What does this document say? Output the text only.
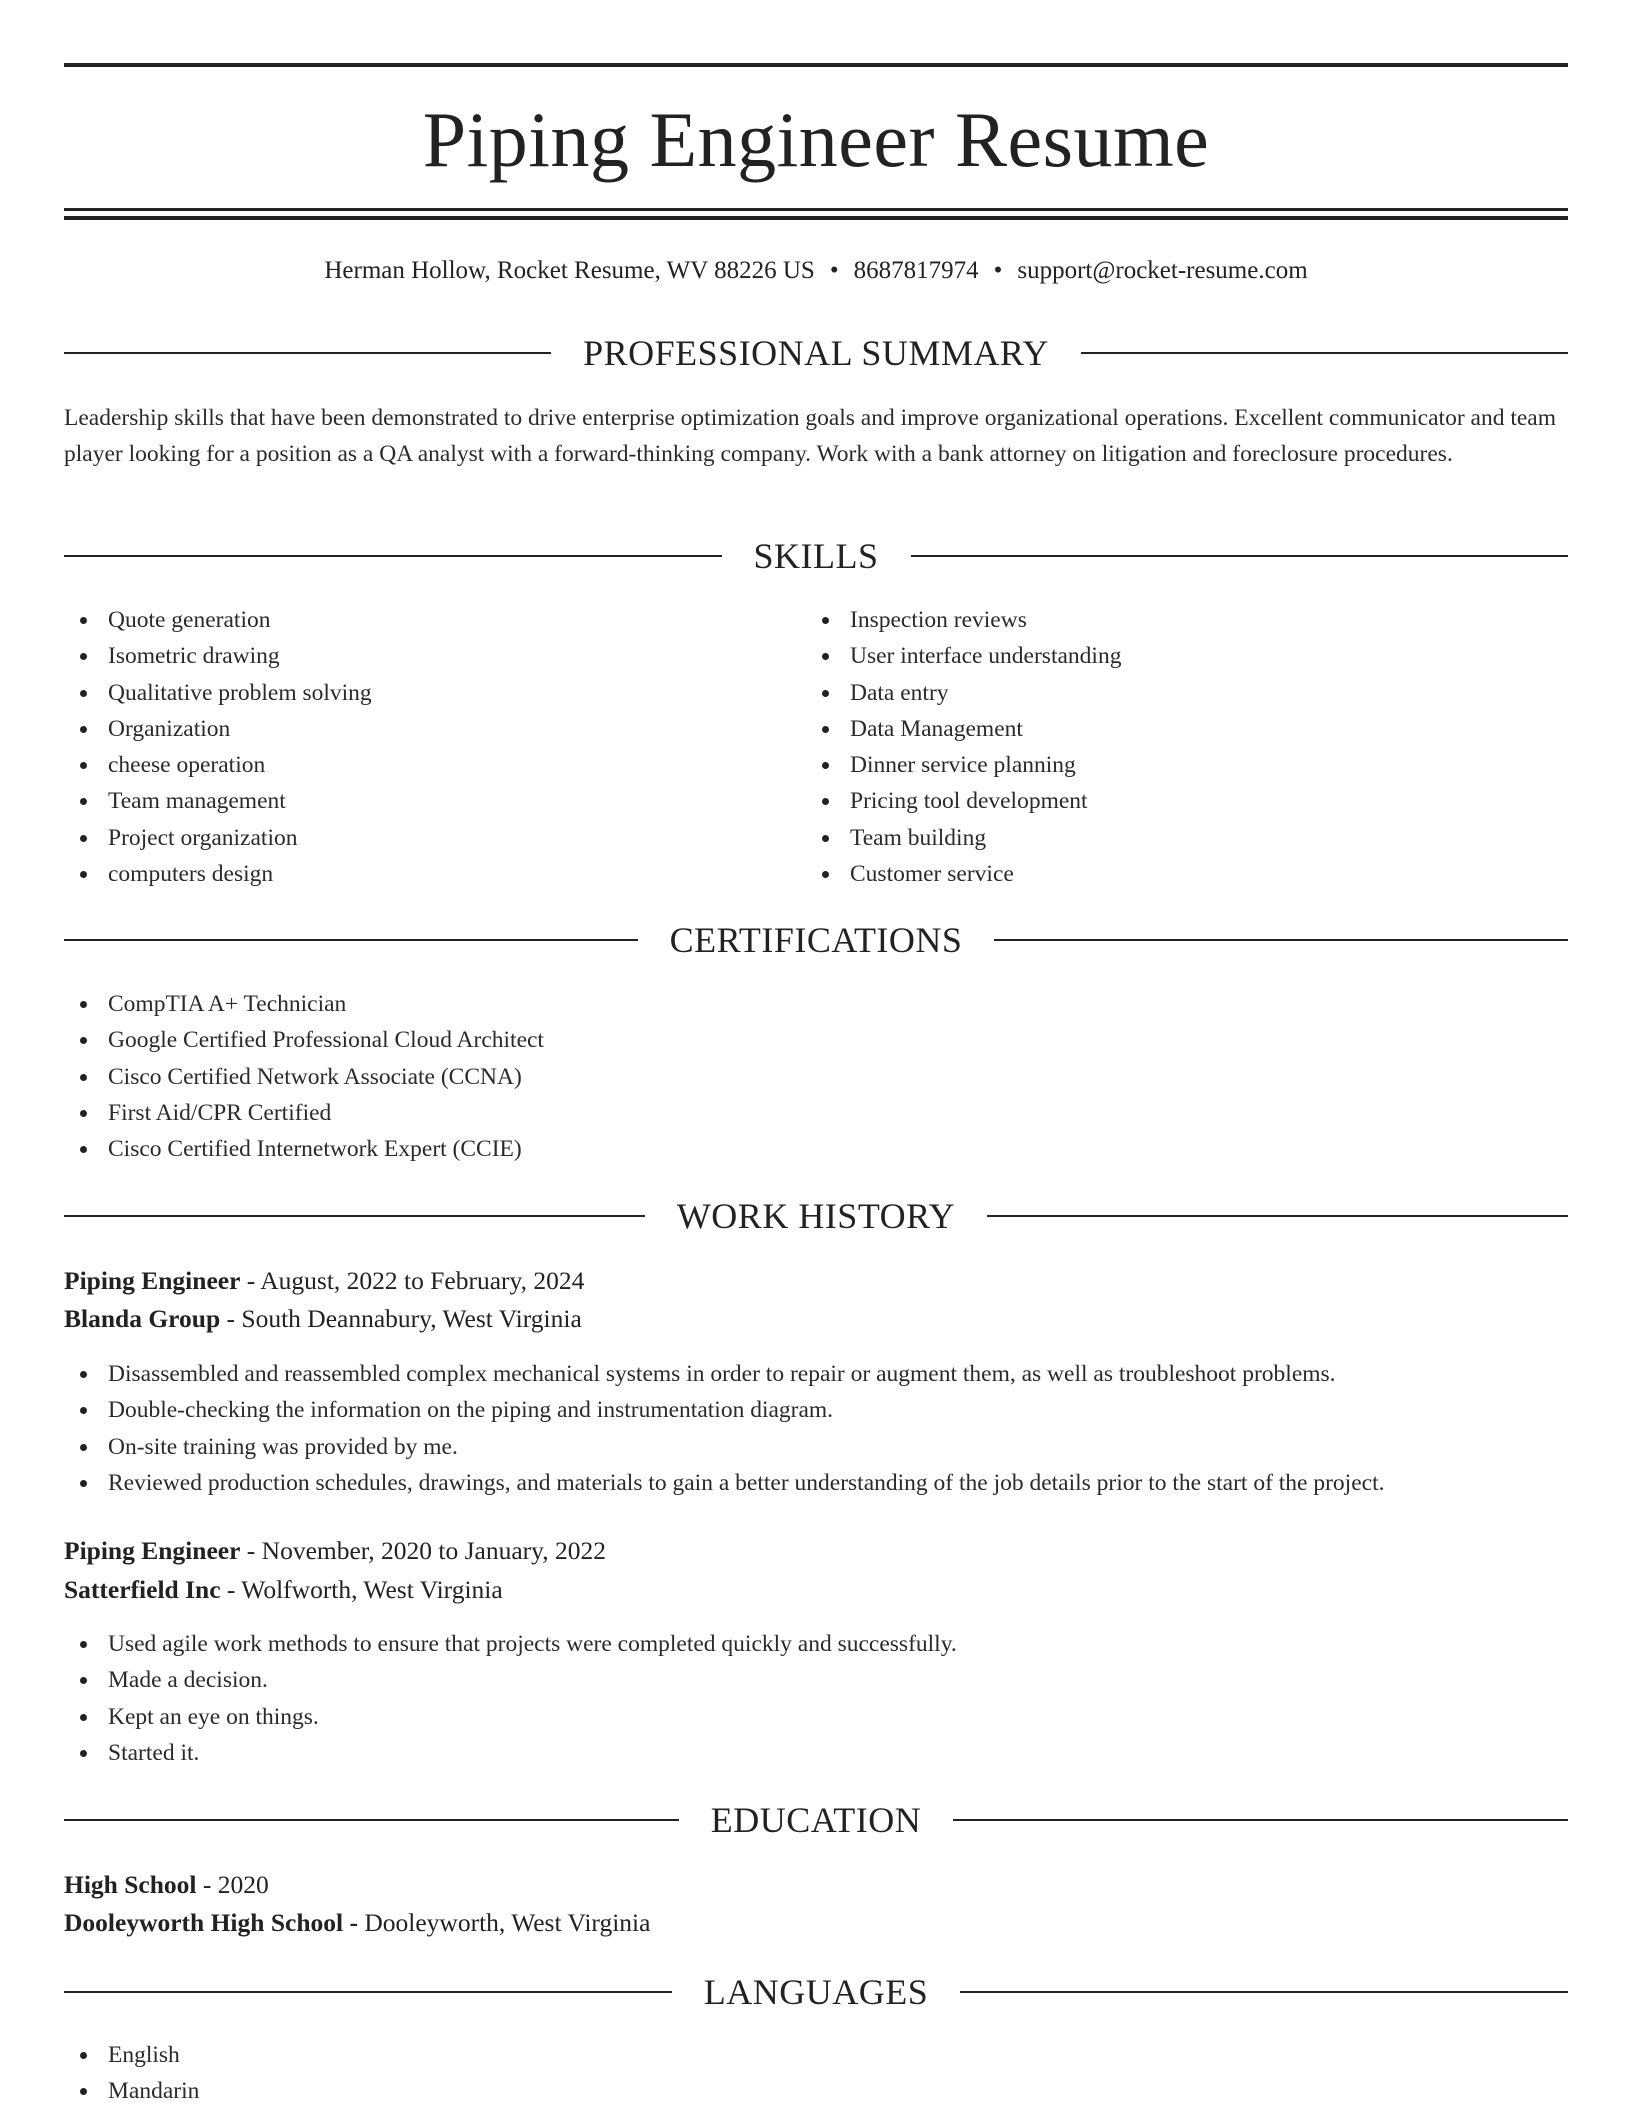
Piping Engineer Resume
Herman Hollow, Rocket Resume, WV 88226 US • 8687817974 • support@rocket-resume.com
PROFESSIONAL SUMMARY

Leadership skills that have been demonstrated to drive enterprise optimization goals and improve organizational operations. Excellent communicator and team player looking for a position as a QA analyst with a forward-thinking company. Work with a bank attorney on litigation and foreclosure procedures.

SKILLS
Quote generation
Isometric drawing
Qualitative problem solving
Organization
cheese operation
Team management
Project organization
computers design
Inspection reviews
User interface understanding
Data entry
Data Management
Dinner service planning
Pricing tool development
Team building
Customer service
CERTIFICATIONS
CompTIA A+ Technician
Google Certified Professional Cloud Architect
Cisco Certified Network Associate (CCNA)
First Aid/CPR Certified
Cisco Certified Internetwork Expert (CCIE)
WORK HISTORY
Piping Engineer - August, 2022 to February, 2024
Blanda Group - South Deannabury, West Virginia
Disassembled and reassembled complex mechanical systems in order to repair or augment them, as well as troubleshoot problems.
Double-checking the information on the piping and instrumentation diagram.
On-site training was provided by me.
Reviewed production schedules, drawings, and materials to gain a better understanding of the job details prior to the start of the project.
Piping Engineer - November, 2020 to January, 2022
Satterfield Inc - Wolfworth, West Virginia
Used agile work methods to ensure that projects were completed quickly and successfully.
Made a decision.
Kept an eye on things.
Started it.
EDUCATION
High School - 2020
Dooleyworth High School - Dooleyworth, West Virginia
LANGUAGES
English
Mandarin
